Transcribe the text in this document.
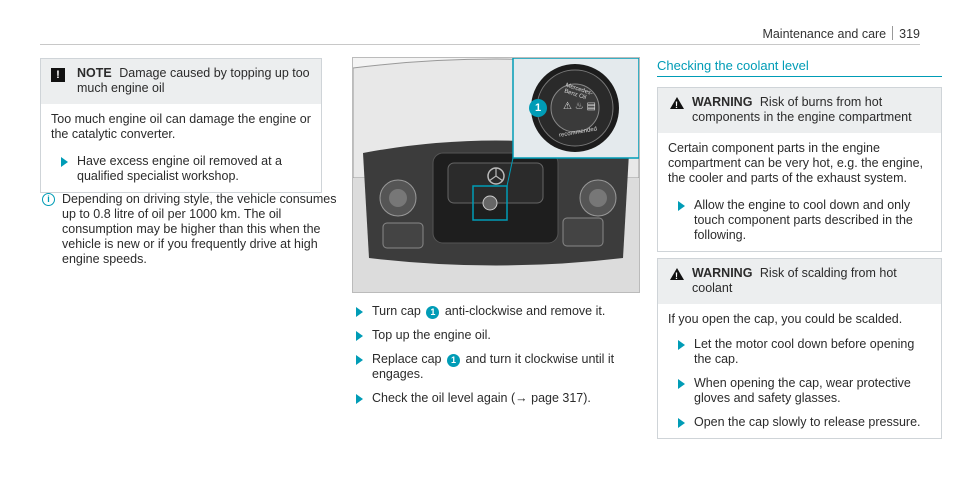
Maintenance and care 319
!	NOTE Damage caused by topping up too much engine oil
Too much engine oil can damage the engine or the catalytic converter.
Have excess engine oil removed at a qualified specialist workshop.
i Depending on driving style, the vehicle consumes up to 0.8 litre of oil per 1000 km. The oil consumption may be higher than this when the vehicle is new or if you frequently drive at high engine speeds.
Mercedes-Benz Oil
recommended
⚠ ♨ ▤
1
Turn cap 1 anti-clockwise and remove it.
Top up the engine oil.
Replace cap 1 and turn it clockwise until it engages.
Check the oil level again (→ page 317).
Checking the coolant level
!
WARNING Risk of burns from hot components in the engine compartment
Certain component parts in the engine compartment can be very hot, e.g. the engine, the cooler and parts of the exhaust system.
Allow the engine to cool down and only touch component parts described in the following.
!
WARNING Risk of scalding from hot coolant
If you open the cap, you could be scalded.
Let the motor cool down before opening the cap.
When opening the cap, wear protective gloves and safety glasses.
Open the cap slowly to release pressure.
